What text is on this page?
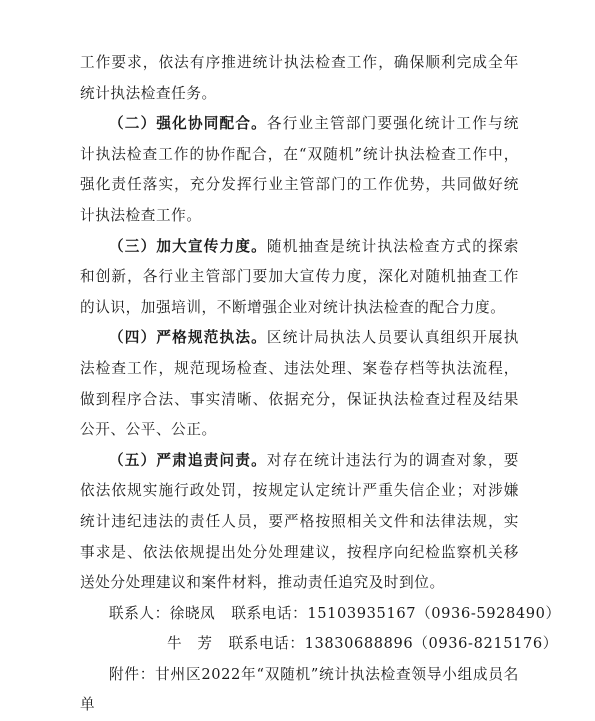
工作要求，依法有序推进统计执法检查工作，确保顺利完成全年统计执法检查任务。

（二）强化协同配合。各行业主管部门要强化统计工作与统计执法检查工作的协作配合，在“双随机”统计执法检查工作中，强化责任落实，充分发挥行业主管部门的工作优势，共同做好统计执法检查工作。

（三）加大宣传力度。随机抽查是统计执法检查方式的探索和创新，各行业主管部门要加大宣传力度，深化对随机抽查工作的认识，加强培训，不断增强企业对统计执法检查的配合力度。

（四）严格规范执法。区统计局执法人员要认真组织开展执法检查工作，规范现场检查、违法处理、案卷存档等执法流程，做到程序合法、事实清晰、依据充分，保证执法检查过程及结果公开、公平、公正。

（五）严肃追责问责。对存在统计违法行为的调查对象，要依法依规实施行政处罚，按规定认定统计严重失信企业；对涉嫌统计违纪违法的责任人员，要严格按照相关文件和法律法规，实事求是、依法依规提出处分处理建议，按程序向纪检监察机关移送处分处理建议和案件材料，推动责任追究及时到位。

联系人：徐晓凤 联系电话：15103935167（0936-5928490）
牛　芳 联系电话：13830688896（0936-8215176）

附件：甘州区2022年“双随机”统计执法检查领导小组成员名单
